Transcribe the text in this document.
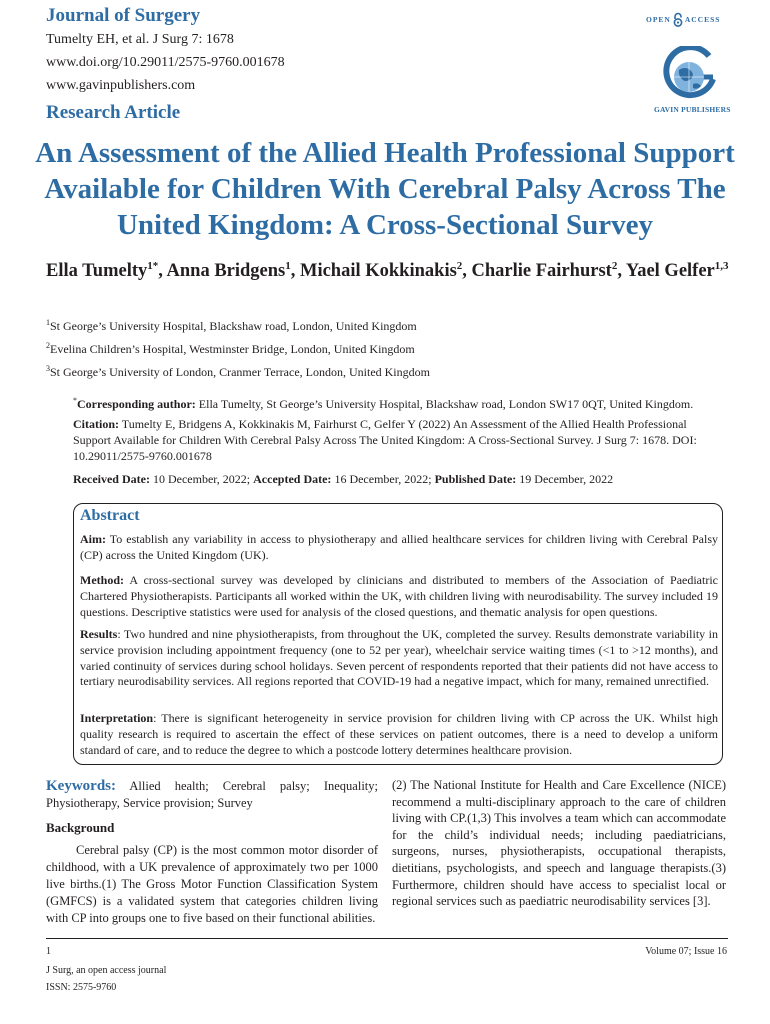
Journal of Surgery
Tumelty EH, et al. J Surg 7: 1678
www.doi.org/10.29011/2575-9760.001678
www.gavinpublishers.com
Research Article
OPEN ACCESS
GAVIN PUBLISHERS
An Assessment of the Allied Health Professional Support Available for Children With Cerebral Palsy Across The United Kingdom: A Cross-Sectional Survey
Ella Tumelty$^{1*}$, Anna Bridgens$^1$, Michail Kokkinakis$^2$, Charlie Fairhurst$^2$, Yael Gelfer$^{1,3}$
$^1$St George’s University Hospital, Blackshaw road, London, United Kingdom
$^2$Evelina Children’s Hospital, Westminster Bridge, London, United Kingdom
$^3$St George’s University of London, Cranmer Terrace, London, United Kingdom
*Corresponding author: Ella Tumelty, St George’s University Hospital, Blackshaw road, London SW17 0QT, United Kingdom.
Citation: Tumelty E, Bridgens A, Kokkinakis M, Fairhurst C, Gelfer Y (2022) An Assessment of the Allied Health Professional Support Available for Children With Cerebral Palsy Across The United Kingdom: A Cross-Sectional Survey. J Surg 7: 1678. DOI: 10.29011/2575-9760.001678
Received Date: 10 December, 2022; Accepted Date: 16 December, 2022; Published Date: 19 December, 2022
Abstract
Aim: To establish any variability in access to physiotherapy and allied healthcare services for children living with Cerebral Palsy (CP) across the United Kingdom (UK).
Method: A cross-sectional survey was developed by clinicians and distributed to members of the Association of Paediatric Chartered Physiotherapists. Participants all worked within the UK, with children living with neurodisability. The survey included 19 questions. Descriptive statistics were used for analysis of the closed questions, and thematic analysis for open questions.
Results: Two hundred and nine physiotherapists, from throughout the UK, completed the survey. Results demonstrate variability in service provision including appointment frequency (one to 52 per year), wheelchair service waiting times (<1 to >12 months), and varied continuity of services during school holidays. Seven percent of respondents reported that their patients did not have access to tertiary neurodisability services. All regions reported that COVID-19 had a negative impact, which for many, remained unrectified.
Interpretation: There is significant heterogeneity in service provision for children living with CP across the UK. Whilst high quality research is required to ascertain the effect of these services on patient outcomes, there is a need to develop a uniform standard of care, and to reduce the degree to which a postcode lottery determines healthcare provision.
Keywords: Allied health; Cerebral palsy; Inequality; Physiotherapy, Service provision; Survey
Background
Cerebral palsy (CP) is the most common motor disorder of childhood, with a UK prevalence of approximately two per 1000 live births.(1) The Gross Motor Function Classification System (GMFCS) is a validated system that categories children living with CP into groups one to five based on their functional abilities.
(2) The National Institute for Health and Care Excellence (NICE) recommend a multi-disciplinary approach to the care of children living with CP.(1,3) This involves a team which can accommodate for the child’s individual needs; including paediatricians, surgeons, nurses, physiotherapists, occupational therapists, dietitians, psychologists, and speech and language therapists.(3) Furthermore, children should have access to specialist local or regional services such as paediatric neurodisability services [3].
1
J Surg, an open access journal
ISSN: 2575-9760
Volume 07; Issue 16
